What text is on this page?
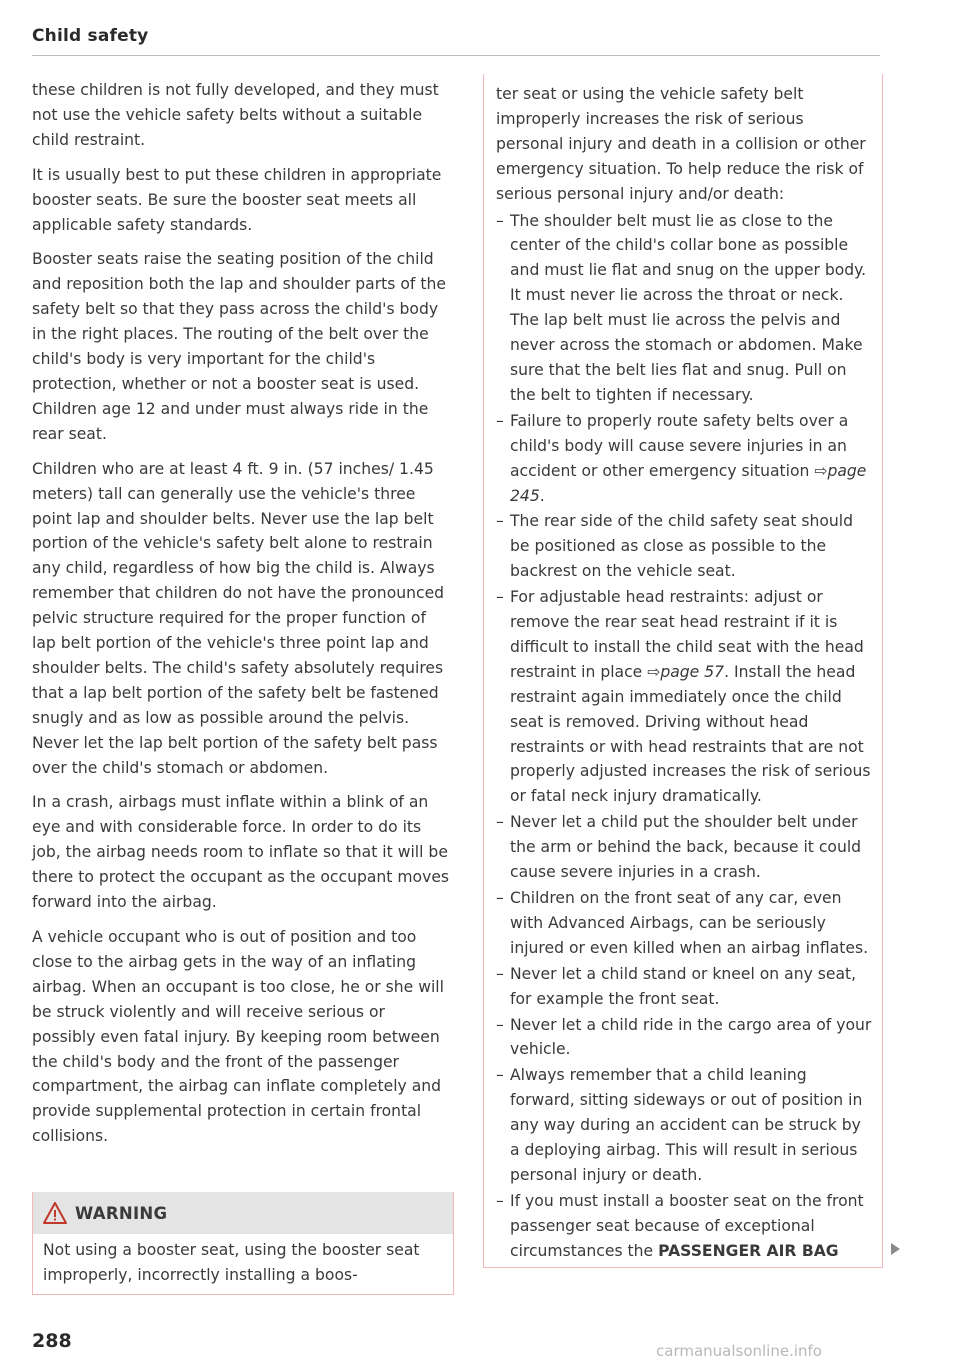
Child safety

these children is not fully developed, and they must not use the vehicle safety belts without a suitable child restraint.

It is usually best to put these children in appropriate booster seats. Be sure the booster seat meets all applicable safety standards.

Booster seats raise the seating position of the child and reposition both the lap and shoulder parts of the safety belt so that they pass across the child's body in the right places. The routing of the belt over the child's body is very important for the child's protection, whether or not a booster seat is used. Children age 12 and under must always ride in the rear seat.

Children who are at least 4 ft. 9 in. (57 inches/ 1.45 meters) tall can generally use the vehicle's three point lap and shoulder belts. Never use the lap belt portion of the vehicle's safety belt alone to restrain any child, regardless of how big the child is. Always remember that children do not have the pronounced pelvic structure required for the proper function of lap belt portion of the vehicle's three point lap and shoulder belts. The child's safety absolutely requires that a lap belt portion of the safety belt be fastened snugly and as low as possible around the pelvis. Never let the lap belt portion of the safety belt pass over the child's stomach or abdomen.

In a crash, airbags must inflate within a blink of an eye and with considerable force. In order to do its job, the airbag needs room to inflate so that it will be there to protect the occupant as the occupant moves forward into the airbag.

A vehicle occupant who is out of position and too close to the airbag gets in the way of an inflating airbag. When an occupant is too close, he or she will be struck violently and will receive serious or possibly even fatal injury. By keeping room between the child's body and the front of the passenger compartment, the airbag can inflate completely and provide supplemental protection in certain frontal collisions.

WARNING
Not using a booster seat, using the booster seat improperly, incorrectly installing a boos-

ter seat or using the vehicle safety belt improperly increases the risk of serious personal injury and death in a collision or other emergency situation. To help reduce the risk of serious personal injury and/or death:

– The shoulder belt must lie as close to the center of the child's collar bone as possible and must lie flat and snug on the upper body. It must never lie across the throat or neck. The lap belt must lie across the pelvis and never across the stomach or abdomen. Make sure that the belt lies flat and snug. Pull on the belt to tighten if necessary.
– Failure to properly route safety belts over a child's body will cause severe injuries in an accident or other emergency situation ⇨page 245.
– The rear side of the child safety seat should be positioned as close as possible to the backrest on the vehicle seat.
– For adjustable head restraints: adjust or remove the rear seat head restraint if it is difficult to install the child seat with the head restraint in place ⇨page 57. Install the head restraint again immediately once the child seat is removed. Driving without head restraints or with head restraints that are not properly adjusted increases the risk of serious or fatal neck injury dramatically.
– Never let a child put the shoulder belt under the arm or behind the back, because it could cause severe injuries in a crash.
– Children on the front seat of any car, even with Advanced Airbags, can be seriously injured or even killed when an airbag inflates.
– Never let a child stand or kneel on any seat, for example the front seat.
– Never let a child ride in the cargo area of your vehicle.
– Always remember that a child leaning forward, sitting sideways or out of position in any way during an accident can be struck by a deploying airbag. This will result in serious personal injury or death.
– If you must install a booster seat on the front passenger seat because of exceptional circumstances the PASSENGER AIR BAG
288	carmanualsonline.info
